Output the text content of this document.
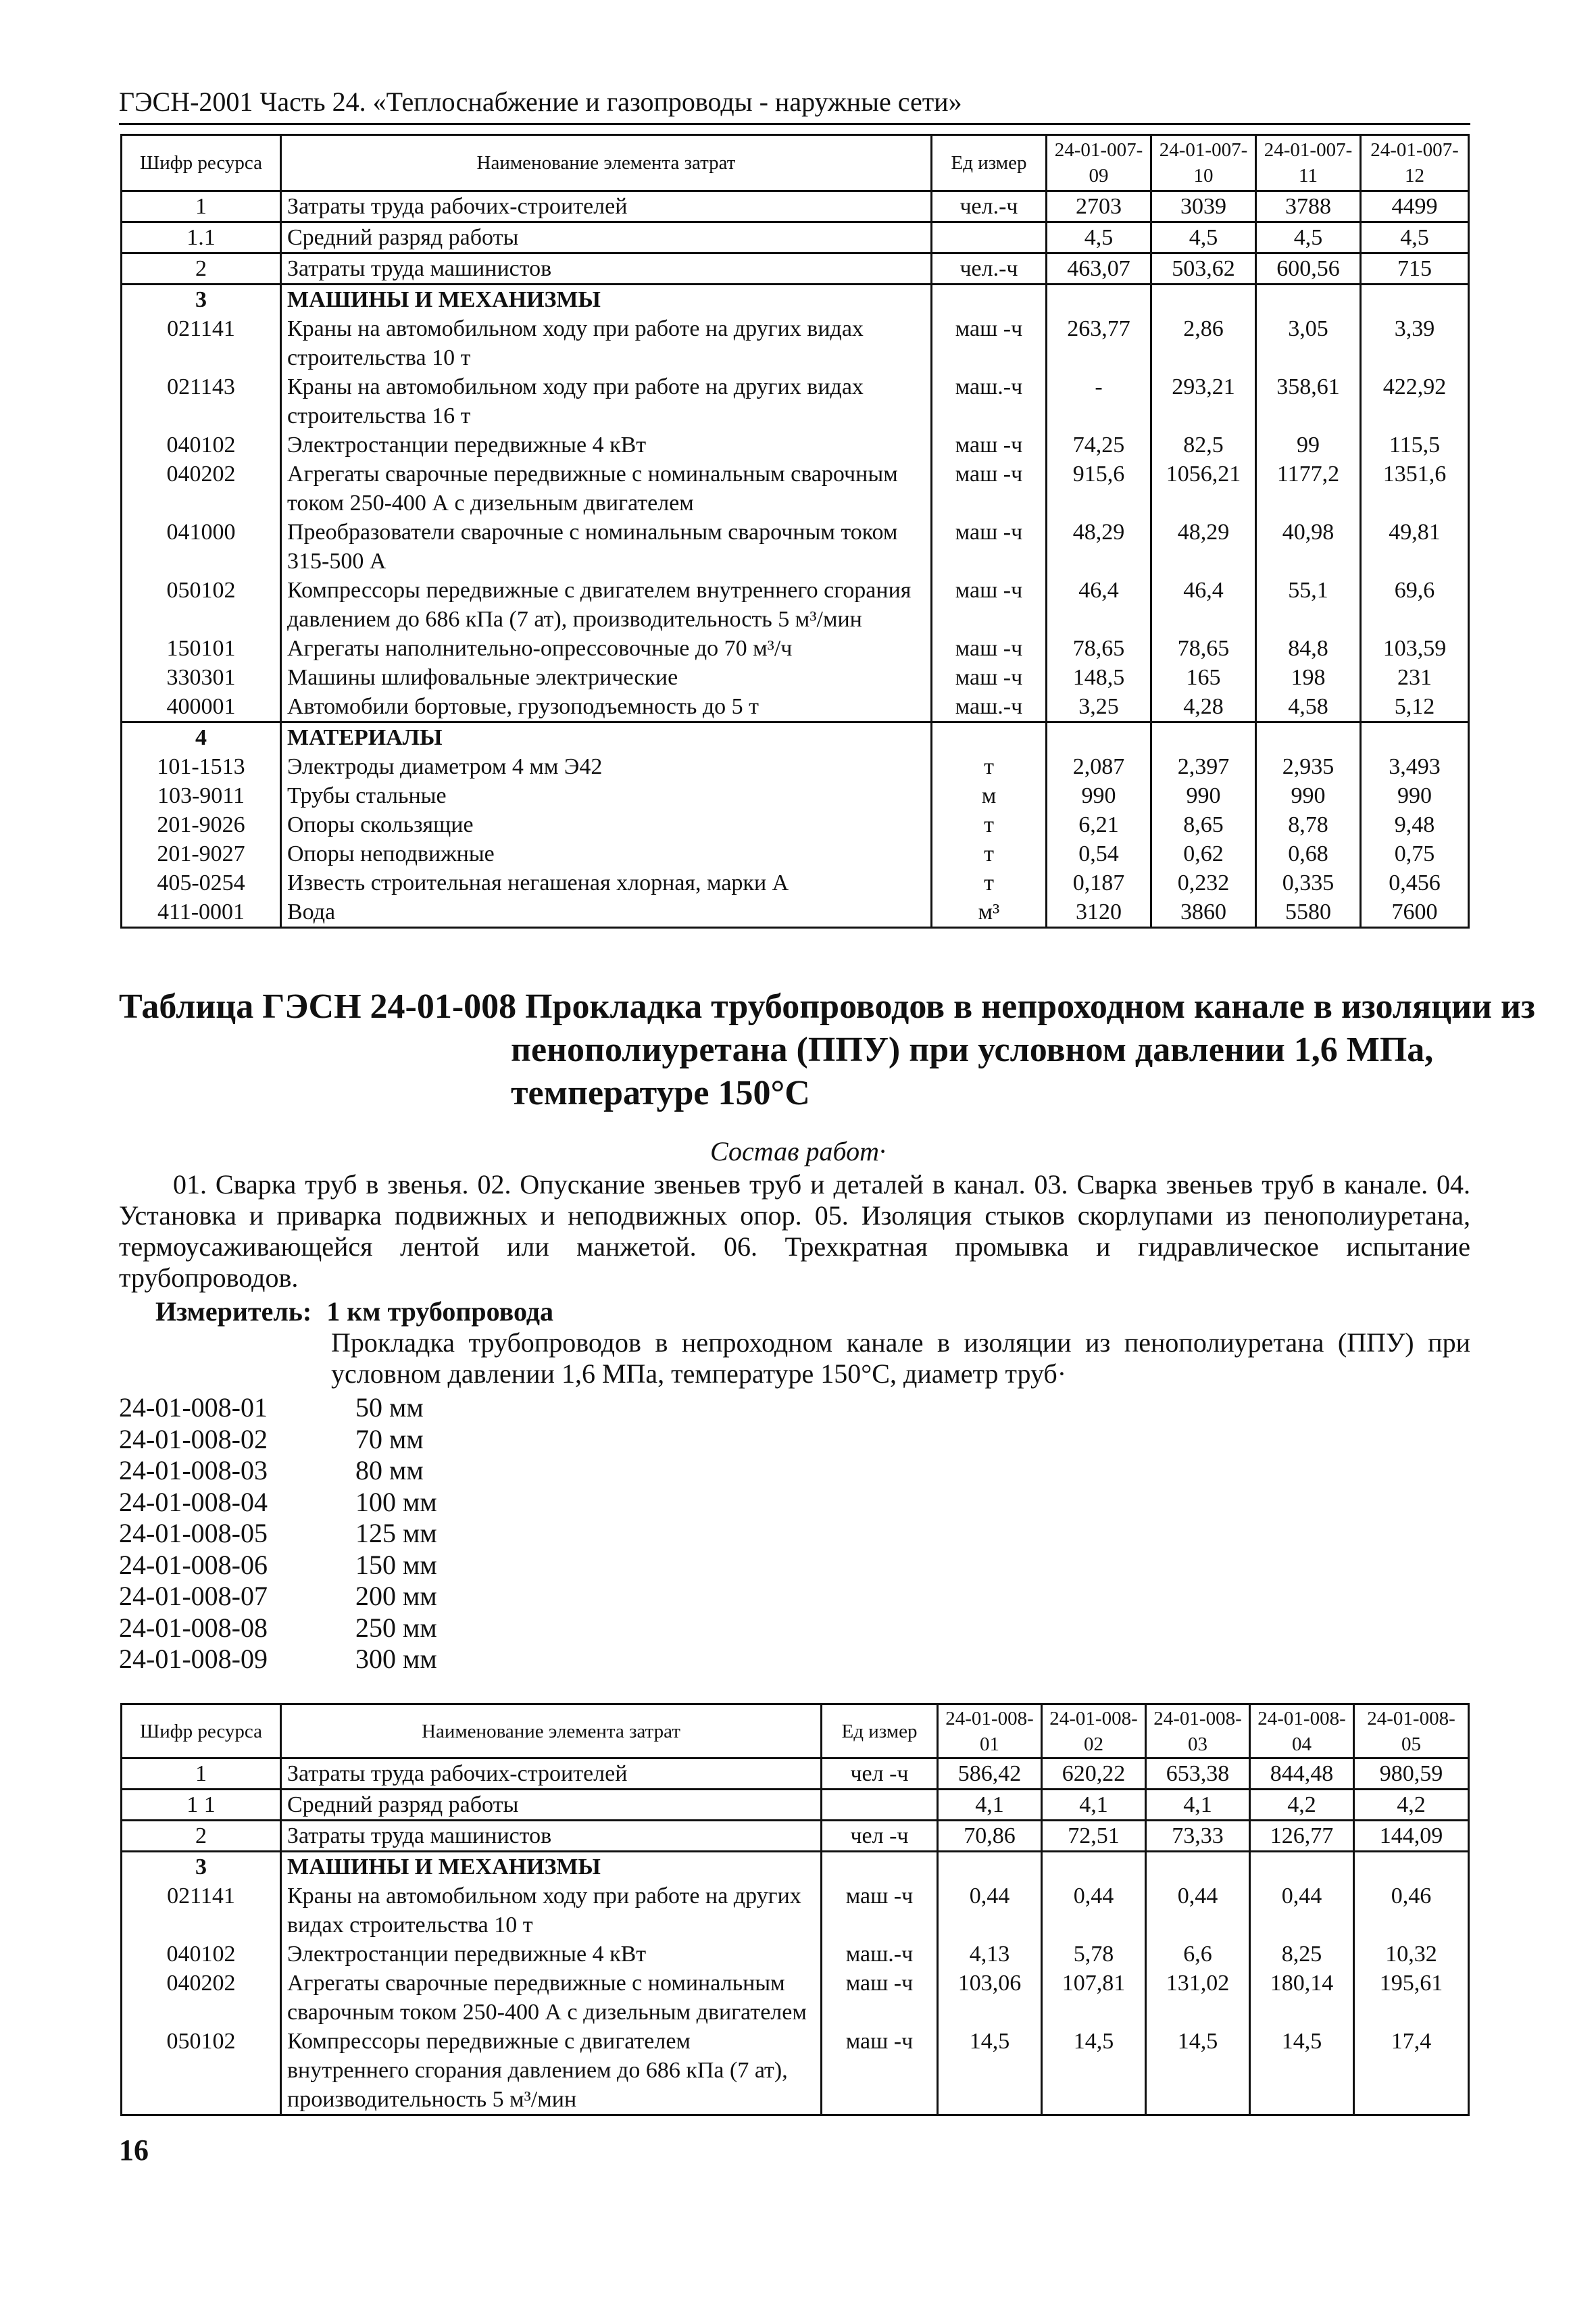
ГЭСН-2001 Часть 24. «Теплоснабжение и газопроводы - наружные сети»
Шифр ресурса	Наименование элемента затрат	Ед измер	24-01-007-09	24-01-007-10	24-01-007-11	24-01-007-12
1	Затраты труда рабочих-строителей	чел.-ч	2703	3039	3788	4499
1.1	Средний разряд работы		4,5	4,5	4,5	4,5
2	Затраты труда машинистов	чел.-ч	463,07	503,62	600,56	715
3	МАШИНЫ И МЕХАНИЗМЫ					
021141	Краны на автомобильном ходу при работе на других видах строительства 10 т	маш -ч	263,77	2,86	3,05	3,39
021143	Краны на автомобильном ходу при работе на других видах строительства 16 т	маш.-ч	-	293,21	358,61	422,92
040102	Электростанции передвижные 4 кВт	маш -ч	74,25	82,5	99	115,5
040202	Агрегаты сварочные передвижные с номинальным сварочным током 250-400 А с дизельным двигателем	маш -ч	915,6	1056,21	1177,2	1351,6
041000	Преобразователи сварочные с номинальным сварочным током 315-500 А	маш -ч	48,29	48,29	40,98	49,81
050102	Компрессоры передвижные с двигателем внутреннего сгорания давлением до 686 кПа (7 ат), производительность 5 м³/мин	маш -ч	46,4	46,4	55,1	69,6
150101	Агрегаты наполнительно-опрессовочные до 70 м³/ч	маш -ч	78,65	78,65	84,8	103,59
330301	Машины шлифовальные электрические	маш -ч	148,5	165	198	231
400001	Автомобили бортовые, грузоподъемность до 5 т	маш.-ч	3,25	4,28	4,58	5,12
4	МАТЕРИАЛЫ					
101-1513	Электроды диаметром 4 мм Э42	т	2,087	2,397	2,935	3,493
103-9011	Трубы стальные	м	990	990	990	990
201-9026	Опоры скользящие	т	6,21	8,65	8,78	9,48
201-9027	Опоры неподвижные	т	0,54	0,62	0,68	0,75
405-0254	Известь строительная негашеная хлорная, марки А	т	0,187	0,232	0,335	0,456
411-0001	Вода	м³	3120	3860	5580	7600
Таблица ГЭСН 24-01-008 Прокладка трубопроводов в непроходном канале в изоляции из
пенополиуретана (ППУ) при условном давлении 1,6 МПа, температуре 150°С
Состав работ·
01. Сварка труб в звенья. 02. Опускание звеньев труб и деталей в канал. 03. Сварка звеньев труб в канале. 04. Установка и приварка подвижных и неподвижных опор. 05. Изоляция стыков скорлупами из пенополиуретана, термоусаживающейся лентой или манжетой. 06. Трехкратная промывка и гидравлическое испытание трубопроводов.
Измеритель: 1 км трубопровода
Прокладка трубопроводов в непроходном канале в изоляции из пенополиуретана (ППУ) при условном давлении 1,6 МПа, температуре 150°С, диаметр труб·
24-01-008-01	50 мм
24-01-008-02	70 мм
24-01-008-03	80 мм
24-01-008-04	100 мм
24-01-008-05	125 мм
24-01-008-06	150 мм
24-01-008-07	200 мм
24-01-008-08	250 мм
24-01-008-09	300 мм
Шифр ресурса	Наименование элемента затрат	Ед измер	24-01-008-01	24-01-008-02	24-01-008-03	24-01-008-04	24-01-008-05
1	Затраты труда рабочих-строителей	чел -ч	586,42	620,22	653,38	844,48	980,59
1 1	Средний разряд работы		4,1	4,1	4,1	4,2	4,2
2	Затраты труда машинистов	чел -ч	70,86	72,51	73,33	126,77	144,09
3	МАШИНЫ И МЕХАНИЗМЫ						
021141	Краны на автомобильном ходу при работе на других видах строительства 10 т	маш -ч	0,44	0,44	0,44	0,44	0,46
040102	Электростанции передвижные 4 кВт	маш.-ч	4,13	5,78	6,6	8,25	10,32
040202	Агрегаты сварочные передвижные с номинальным сварочным током 250-400 А с дизельным двигателем	маш -ч	103,06	107,81	131,02	180,14	195,61
050102	Компрессоры передвижные с двигателем внутреннего сгорания давлением до 686 кПа (7 ат), производительность 5 м³/мин	маш -ч	14,5	14,5	14,5	14,5	17,4
16
